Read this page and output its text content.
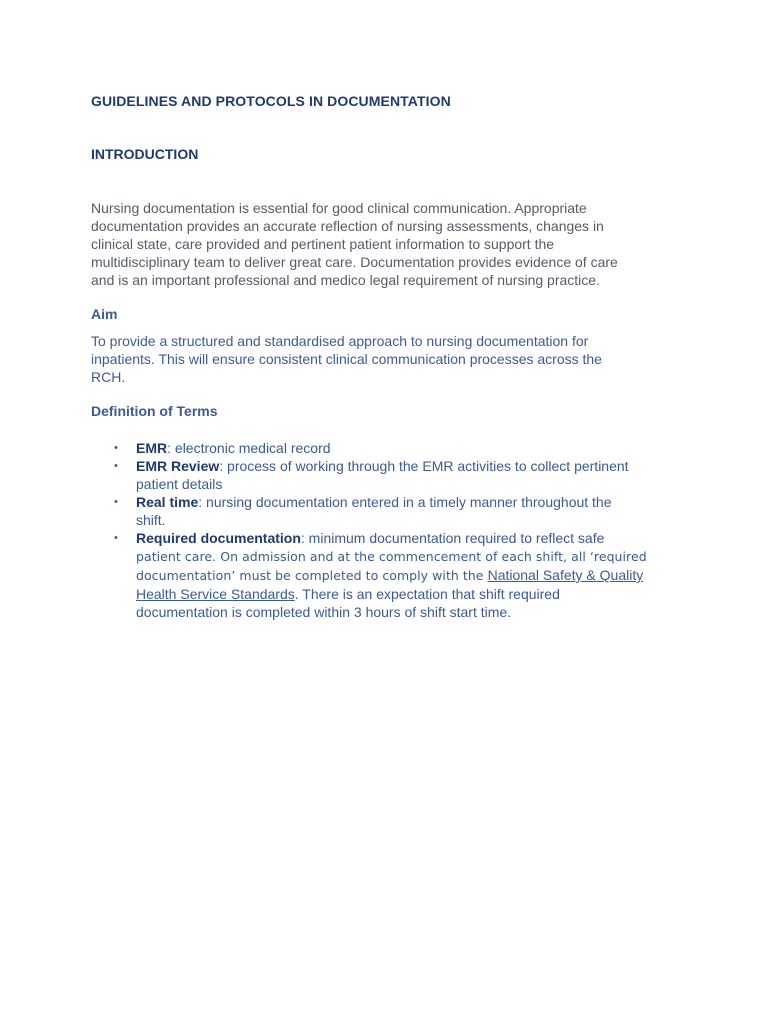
GUIDELINES AND PROTOCOLS IN DOCUMENTATION
INTRODUCTION

Nursing documentation is essential for good clinical communication. Appropriate
documentation provides an accurate reflection of nursing assessments, changes in
clinical state, care provided and pertinent patient information to support the
multidisciplinary team to deliver great care. Documentation provides evidence of care
and is an important professional and medico legal requirement of nursing practice.

Aim

To provide a structured and standardised approach to nursing documentation for
inpatients. This will ensure consistent clinical communication processes across the
RCH.

Definition of Terms
• EMR: electronic medical record
• EMR Review: process of working through the EMR activities to collect pertinent
patient details
• Real time: nursing documentation entered in a timely manner throughout the
shift.
• Required documentation: minimum documentation required to reflect safe
patient care. On admission and at the commencement of each shift, all ‘required
documentation’ must be completed to comply with the National Safety & Quality
Health Service Standards. There is an expectation that shift required
documentation is completed within 3 hours of shift start time.
